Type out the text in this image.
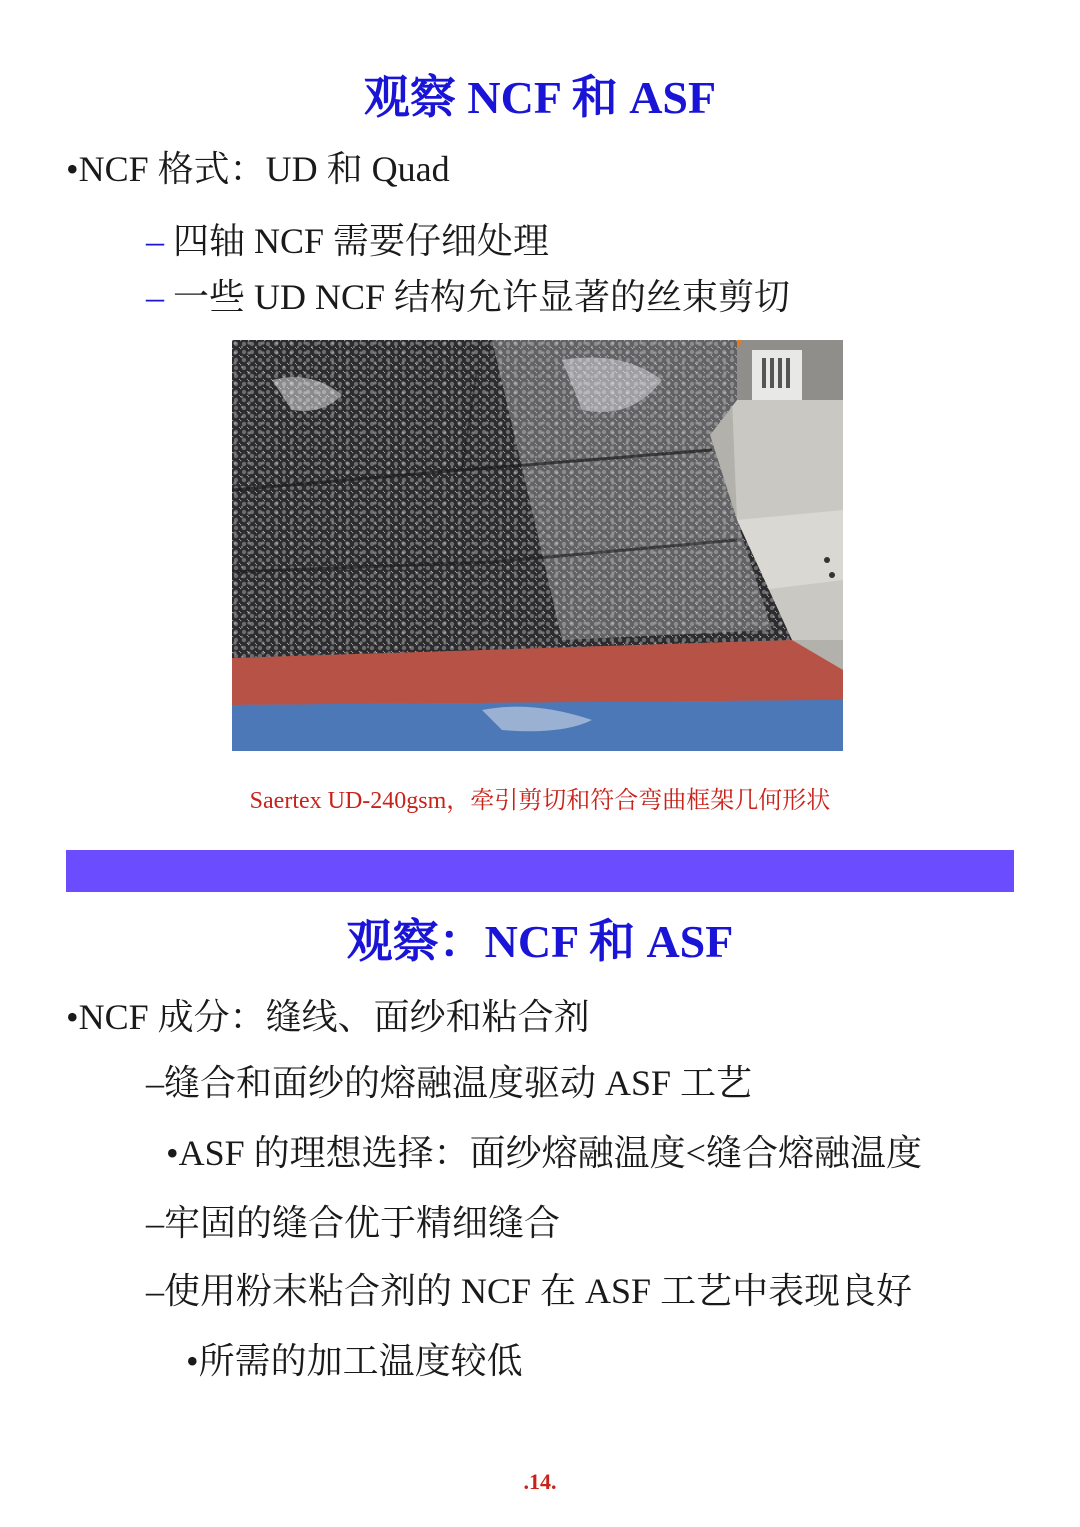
观察 NCF 和 ASF
•NCF 格式：UD 和 Quad
– 四轴 NCF 需要仔细处理
– 一些 UD NCF 结构允许显著的丝束剪切
Saertex UD-240gsm，牵引剪切和符合弯曲框架几何形状
观察：NCF 和 ASF
•NCF 成分：缝线、面纱和粘合剂
–缝合和面纱的熔融温度驱动 ASF 工艺
•ASF 的理想选择：面纱熔融温度<缝合熔融温度
–牢固的缝合优于精细缝合
–使用粉末粘合剂的 NCF 在 ASF 工艺中表现良好
•所需的加工温度较低
.14.
